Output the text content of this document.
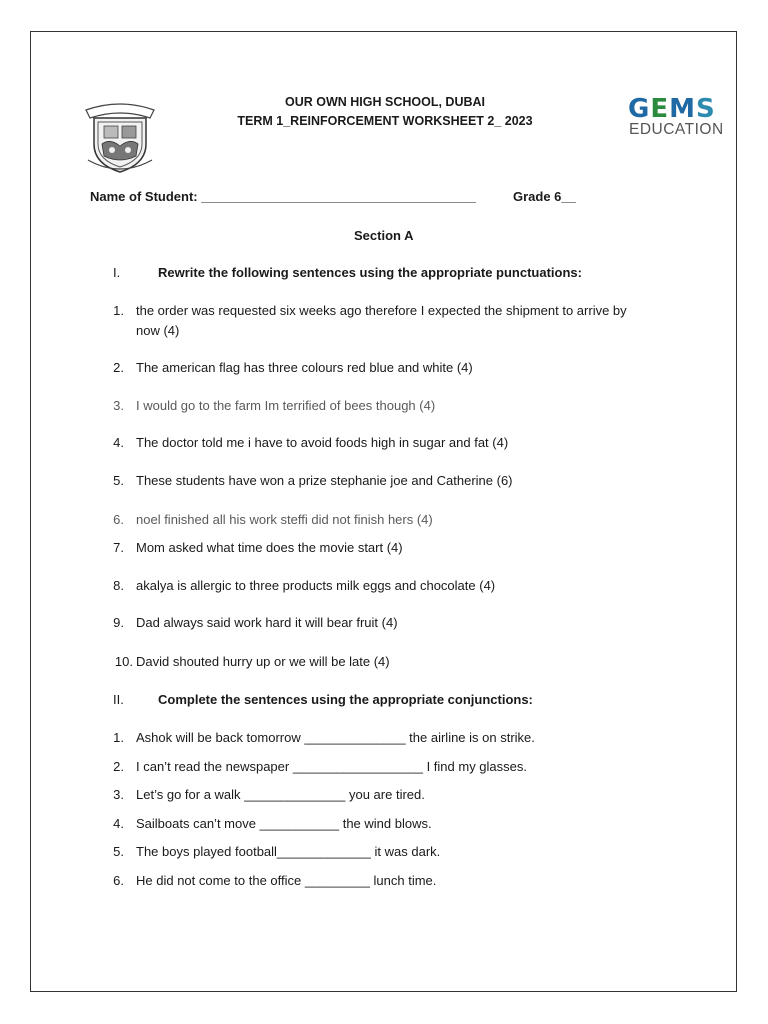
OUR OWN HIGH SCHOOL, DUBAI
TERM 1_REINFORCEMENT WORKSHEET 2_ 2023	GEMS
EDUCATION
Name of Student: ______________________________________	Grade 6__
Section A
I.	Rewrite the following sentences using the appropriate punctuations:
1. the order was requested six weeks ago therefore I expected the shipment to arrive by
now (4)
2. The american flag has three colours red blue and white (4)
3. I would go to the farm Im terrified of bees though (4)
4. The doctor told me i have to avoid foods high in sugar and fat (4)
5. These students have won a prize stephanie joe and Catherine (6)
6. noel finished all his work steffi did not finish hers (4)
7. Mom asked what time does the movie start (4)
8. akalya is allergic to three products milk eggs and chocolate (4)
9. Dad always said work hard it will bear fruit (4)
10. David shouted hurry up or we will be late (4)
II.	Complete the sentences using the appropriate conjunctions:
1. Ashok will be back tomorrow ______________ the airline is on strike.
2. I can’t read the newspaper __________________ I find my glasses.
3. Let’s go for a walk ______________ you are tired.
4. Sailboats can’t move ___________ the wind blows.
5. The boys played football_____________ it was dark.
6. He did not come to the office _________ lunch time.
